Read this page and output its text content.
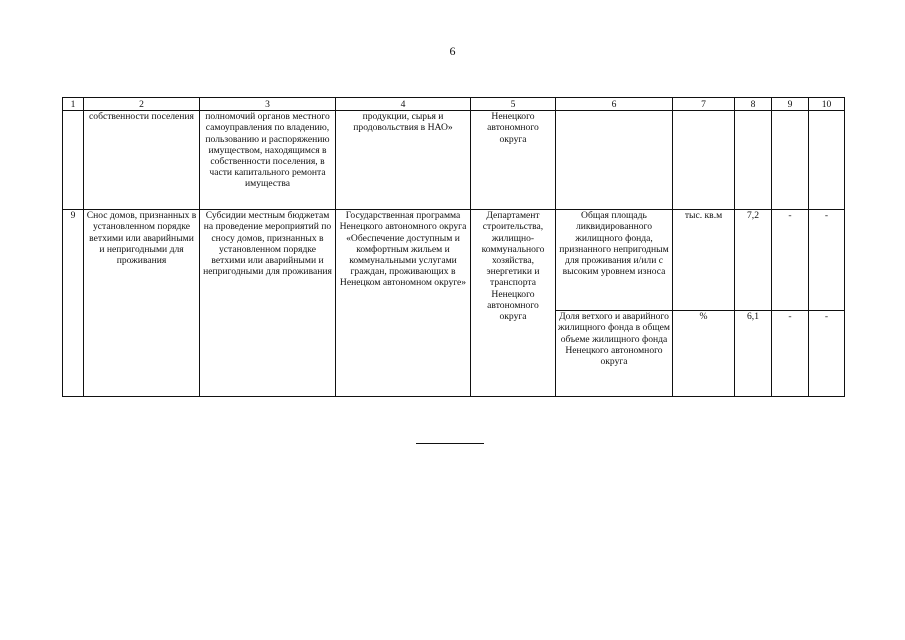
6
1	2	3	4	5	6	7	8	9	10
	собственности поселения	полномочий органов местного самоуправления по владению, пользованию и распоряжению имуществом, находящимся в собственности поселения, в части капитального ремонта имущества	продукции, сырья и продовольствия в НАО»	Ненецкого автономного округа					
9	Снос домов, признанных в установленном порядке ветхими или аварийными и непригодными для проживания	Субсидии местным бюджетам на проведение мероприятий по сносу домов, признанных в установленном порядке ветхими или аварийными и непригодными для проживания	Государственная программа Ненецкого автономного округа «Обеспечение доступным и комфортным жильем и коммунальными услугами граждан, проживающих в Ненецком автономном округе»	Департамент строительства, жилищно-коммунального хозяйства, энергетики и транспорта Ненецкого автономного округа	Общая площадь ликвидированного жилищного фонда, признанного непригодным для проживания и/или с высоким уровнем износа	тыс. кв.м	7,2	-	-
					Доля ветхого и аварийного жилищного фонда в общем объеме жилищного фонда Ненецкого автономного округа	%	6,1	-	-
